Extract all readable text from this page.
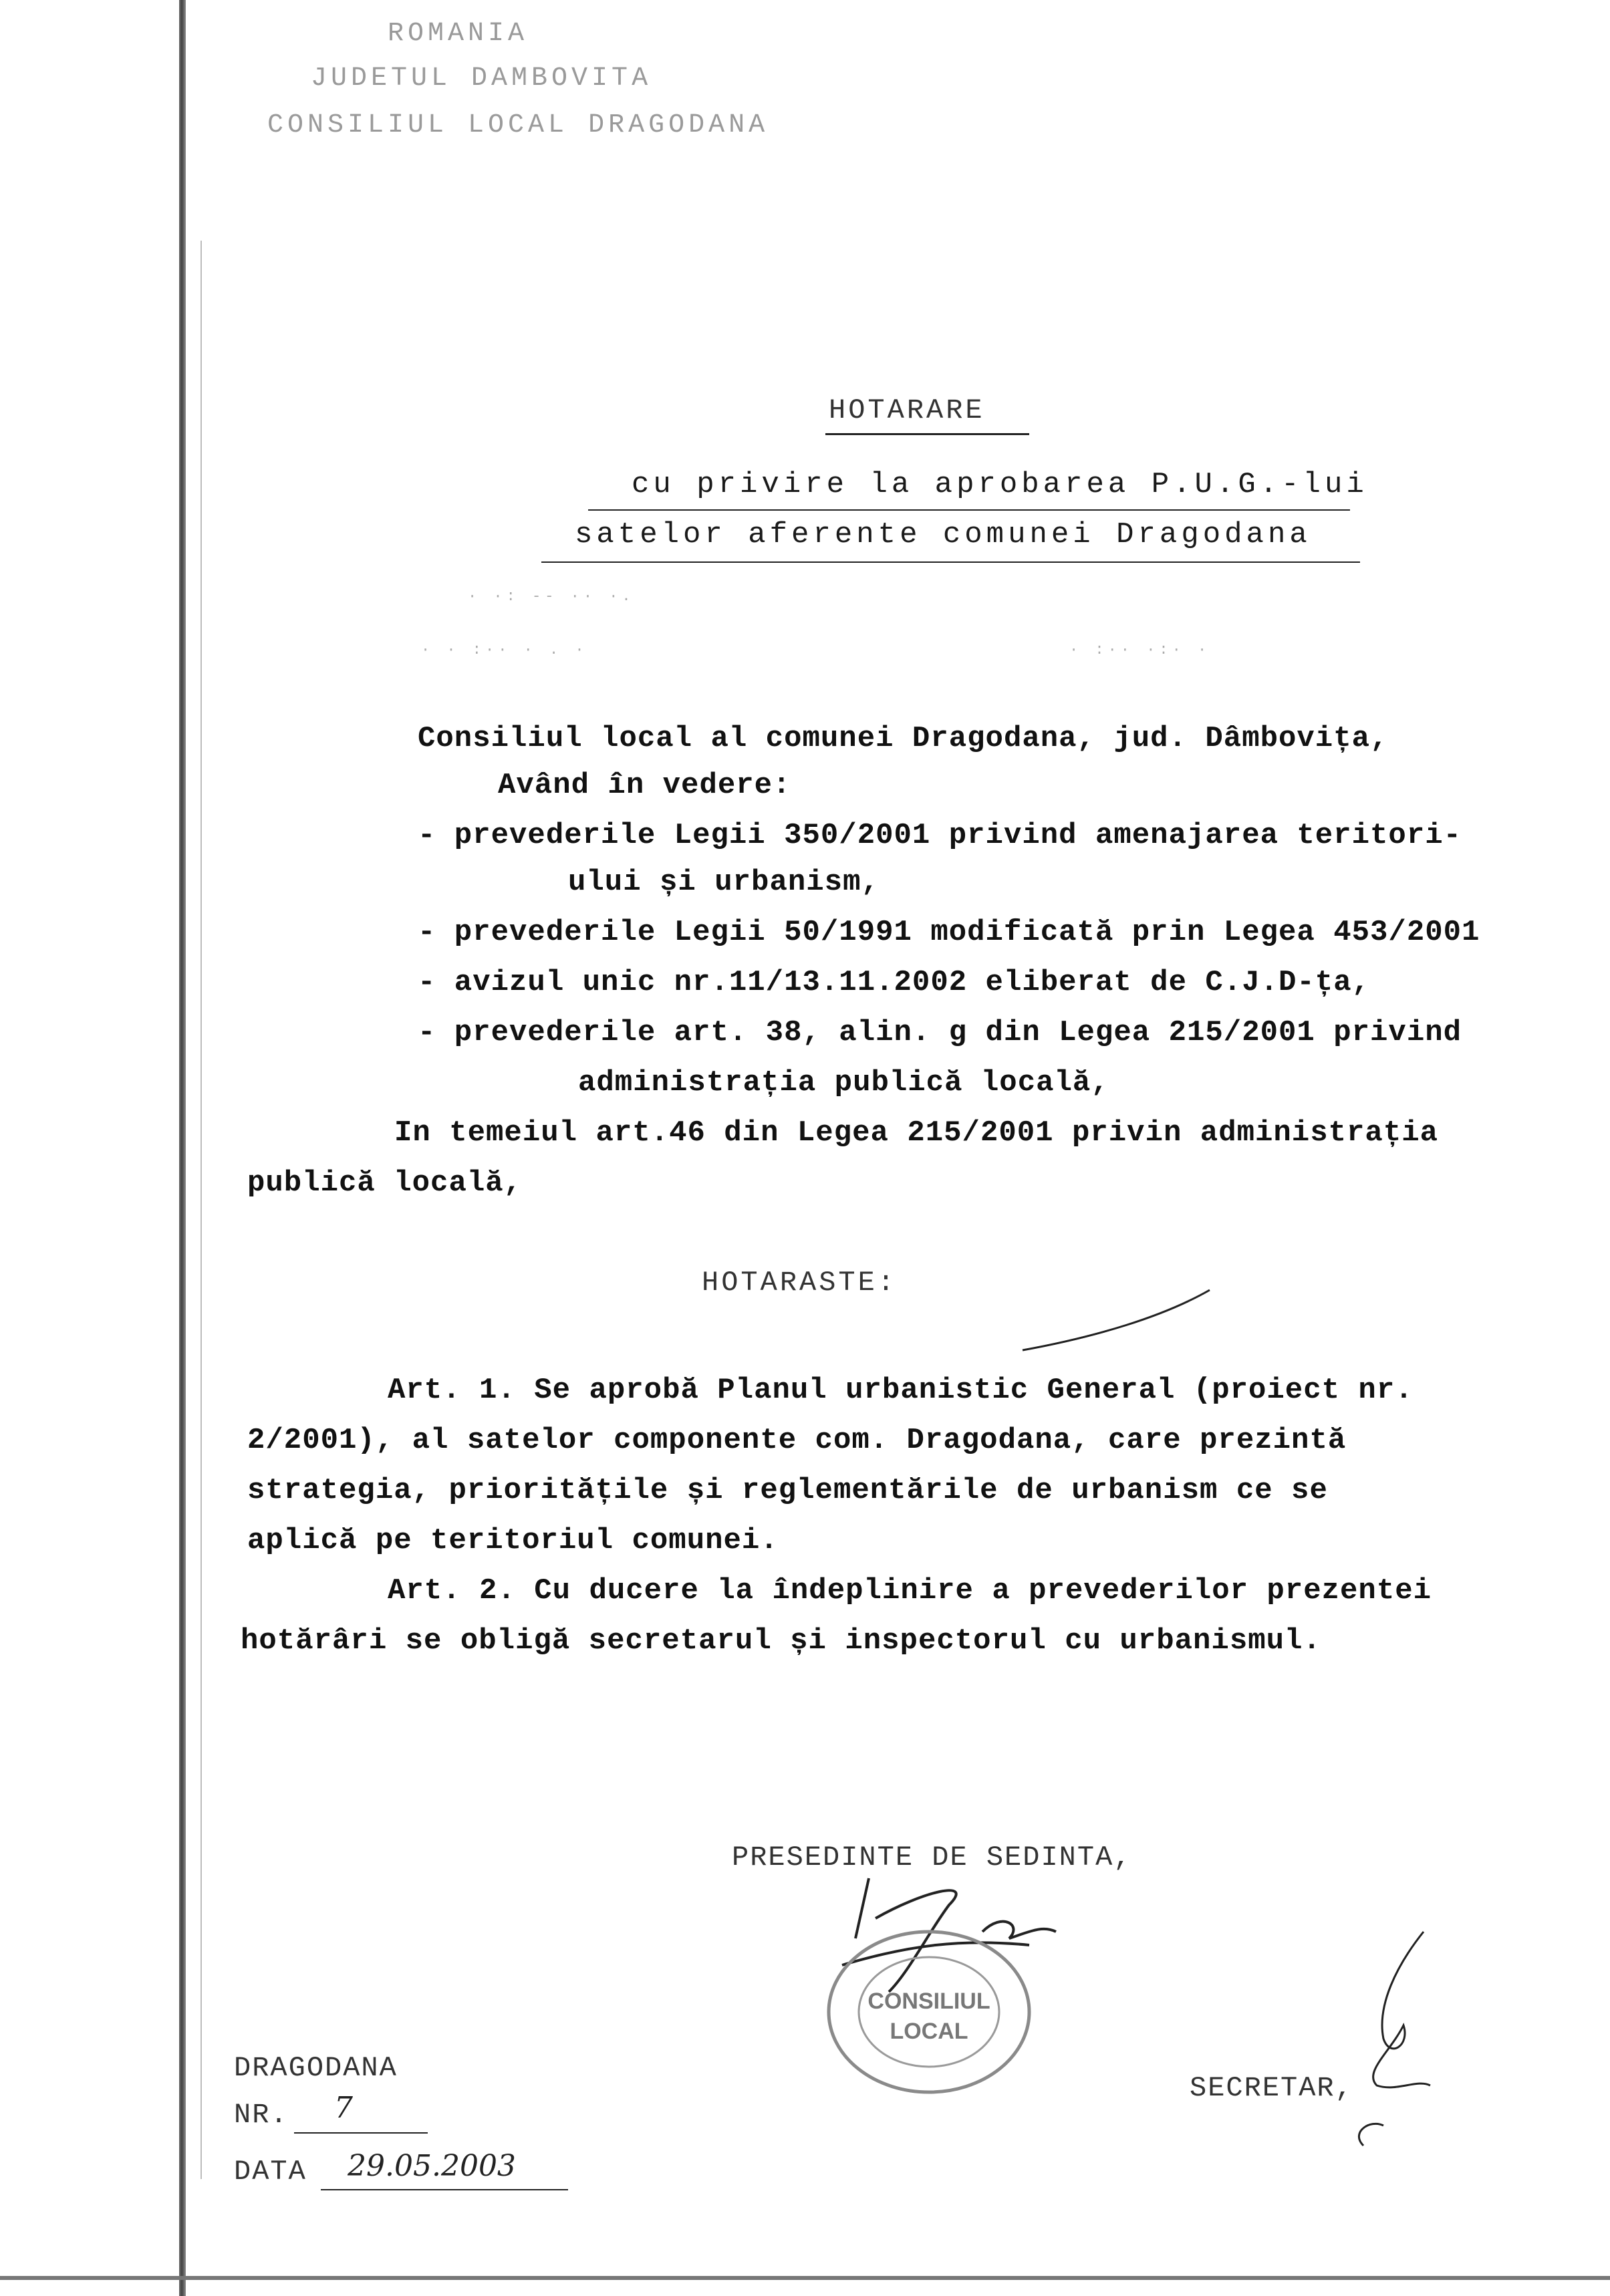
ROMANIA
JUDETUL DAMBOVITA
CONSILIUL LOCAL DRAGODANA
HOTARARE
cu privire la aprobarea P.U.G.-lui
satelor aferente comunei Dragodana
· ·: -- ·· ·.
· · :·· · . ·	· :·· ·:· ·
Consiliul local al comunei Dragodana, jud. Dâmbovița,
Având în vedere:
- prevederile Legii 350/2001 privind amenajarea teritori-
ului și urbanism,
- prevederile Legii 50/1991 modificată prin Legea 453/2001
- avizul unic nr.11/13.11.2002 eliberat de C.J.D-ța,
- prevederile art. 38, alin. g din Legea 215/2001 privind
administrația publică locală,
In temeiul art.46 din Legea 215/2001 privin administrația
publică locală,
HOTARASTE:
Art. 1. Se aprobă Planul urbanistic General (proiect nr.
2/2001), al satelor componente com. Dragodana, care prezintă
strategia, prioritățile și reglementările de urbanism ce se
aplică pe teritoriul comunei.
Art. 2. Cu ducere la îndeplinire a prevederilor prezentei
hotărâri se obligă secretarul și inspectorul cu urbanismul.
PRESEDINTE DE SEDINTA,
CONSILIUL
LOCAL
SECRETAR,
DRAGODANA
NR. 7
DATA 29.05.2003
